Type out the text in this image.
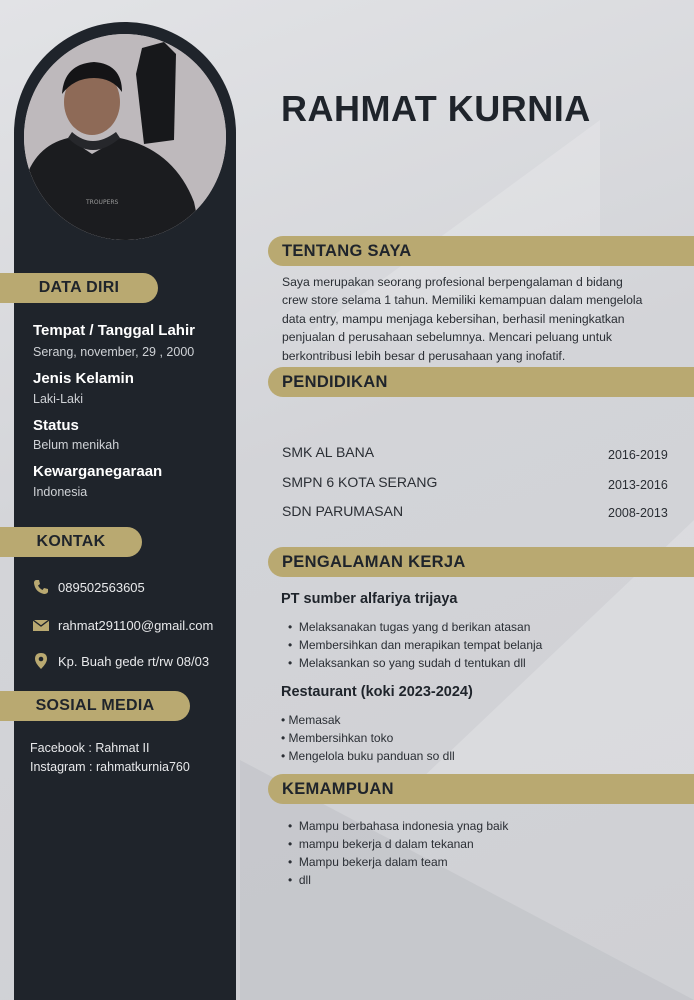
TROUPERS
DATA DIRI
Tempat / Tanggal Lahir
Serang, november, 29 , 2000
Jenis Kelamin
Laki-Laki
Status
Belum menikah
Kewarganegaraan
Indonesia
KONTAK
089502563605
rahmat291100@gmail.com
Kp. Buah gede rt/rw 08/03
SOSIAL MEDIA
Facebook : Rahmat II
Instagram : rahmatkurnia760
RAHMAT KURNIA
TENTANG SAYA
Saya merupakan seorang profesional berpengalaman d bidang
crew store selama 1 tahun. Memiliki kemampuan dalam mengelola
data entry, mampu menjaga kebersihan, berhasil meningkatkan
penjualan d perusahaan sebelumnya. Mencari peluang untuk
berkontribusi lebih besar d perusahaan yang inofatif.
PENDIDIKAN
SMK AL BANA	2016-2019
SMPN 6 KOTA SERANG	2013-2016
SDN PARUMASAN	2008-2013
PENGALAMAN KERJA
PT sumber alfariya trijaya
•  Melaksanakan tugas yang d berikan atasan
•  Membersihkan dan merapikan tempat belanja
•  Melaksankan so yang sudah d tentukan dll
Restaurant (koki 2023-2024)
• Memasak
• Membersihkan toko
• Mengelola buku panduan so dll
KEMAMPUAN
•  Mampu berbahasa indonesia ynag baik
•  mampu bekerja d dalam tekanan
•  Mampu bekerja dalam team
•  dll
